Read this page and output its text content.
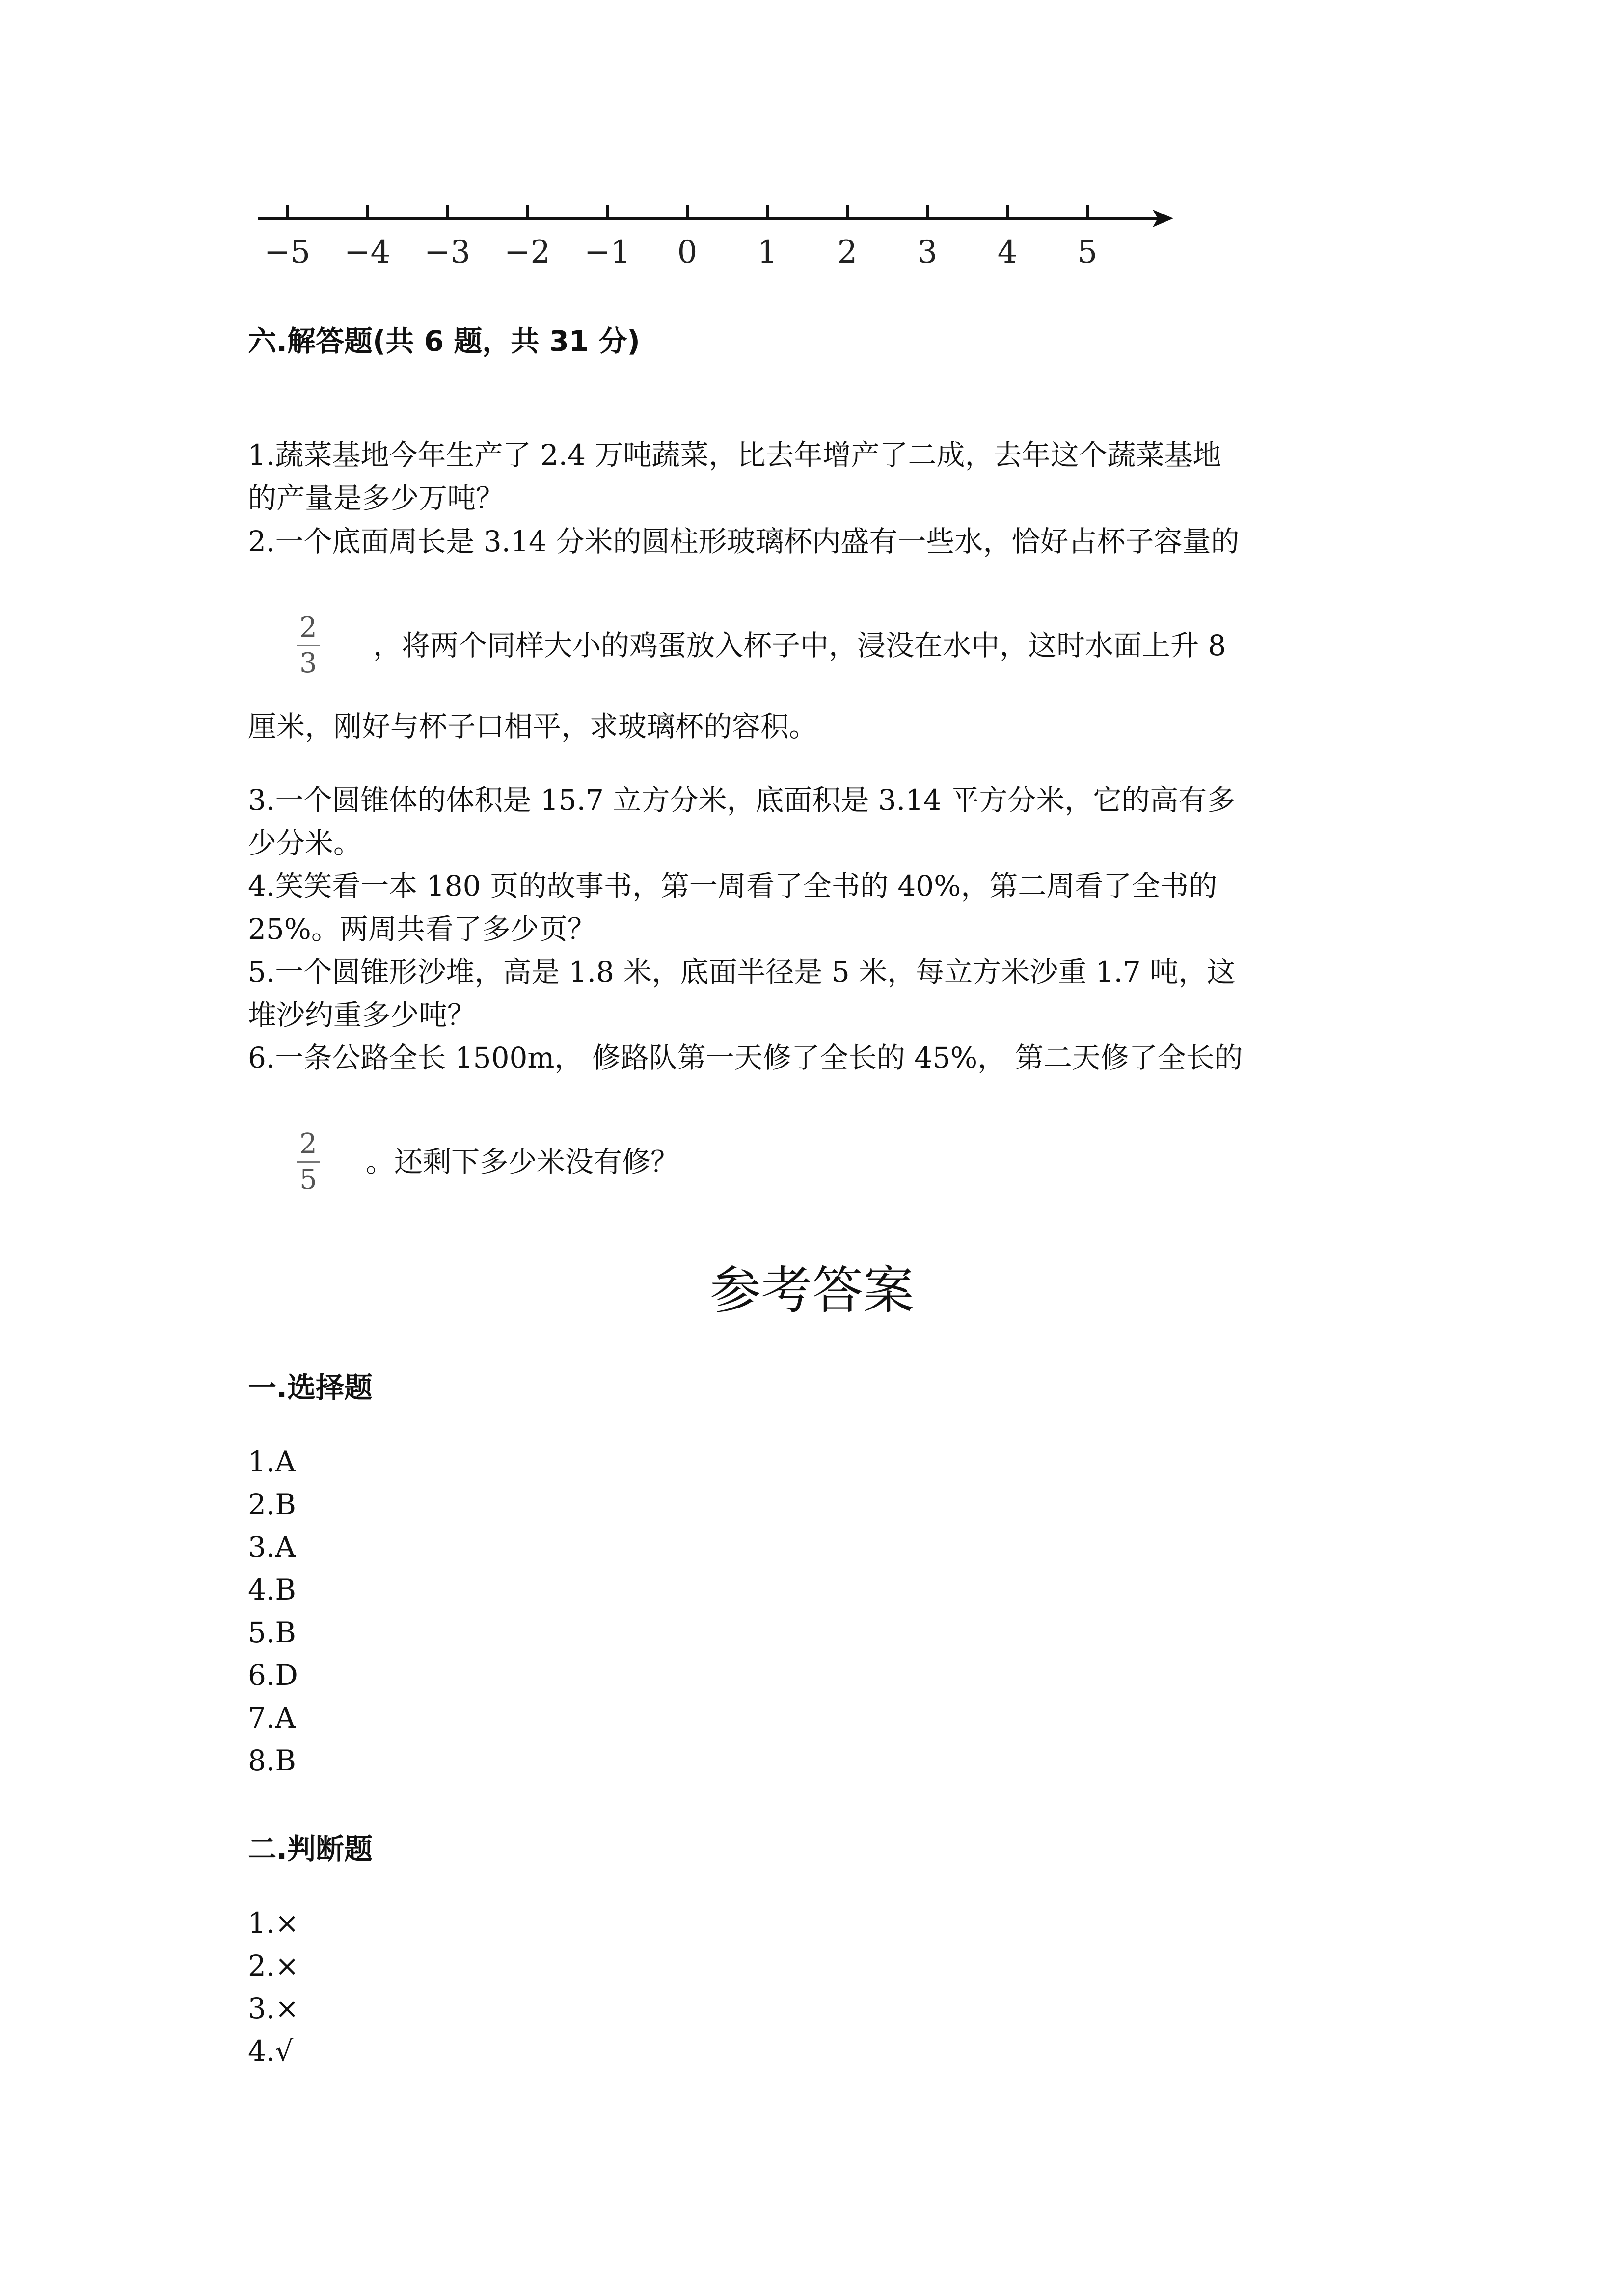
−5 −4 −3 −2 −1 0 1 2 3 4 5
六.解答题(共 6 题，共 31 分)
1.蔬菜基地今年生产了 2.4 万吨蔬菜，比去年增产了二成，去年这个蔬菜基地
的产量是多少万吨？
2.一个底面周长是 3.14 分米的圆柱形玻璃杯内盛有一些水，恰好占杯子容量的
2
3
，将两个同样大小的鸡蛋放入杯子中，浸没在水中，这时水面上升 8
厘米，刚好与杯子口相平，求玻璃杯的容积。
3.一个圆锥体的体积是 15.7 立方分米，底面积是 3.14 平方分米，它的高有多
少分米。
4.笑笑看一本 180 页的故事书，第一周看了全书的 40%，第二周看了全书的
25%。两周共看了多少页？
5.一个圆锥形沙堆，高是 1.8 米，底面半径是 5 米，每立方米沙重 1.7 吨，这
堆沙约重多少吨？
6.一条公路全长 1500m， 修路队第一天修了全长的 45%， 第二天修了全长的
2
5
。还剩下多少米没有修？
参考答案
一.选择题
1.A
2.B
3.A
4.B
5.B
6.D
7.A
8.B
二.判断题
1.×
2.×
3.×
4.√
